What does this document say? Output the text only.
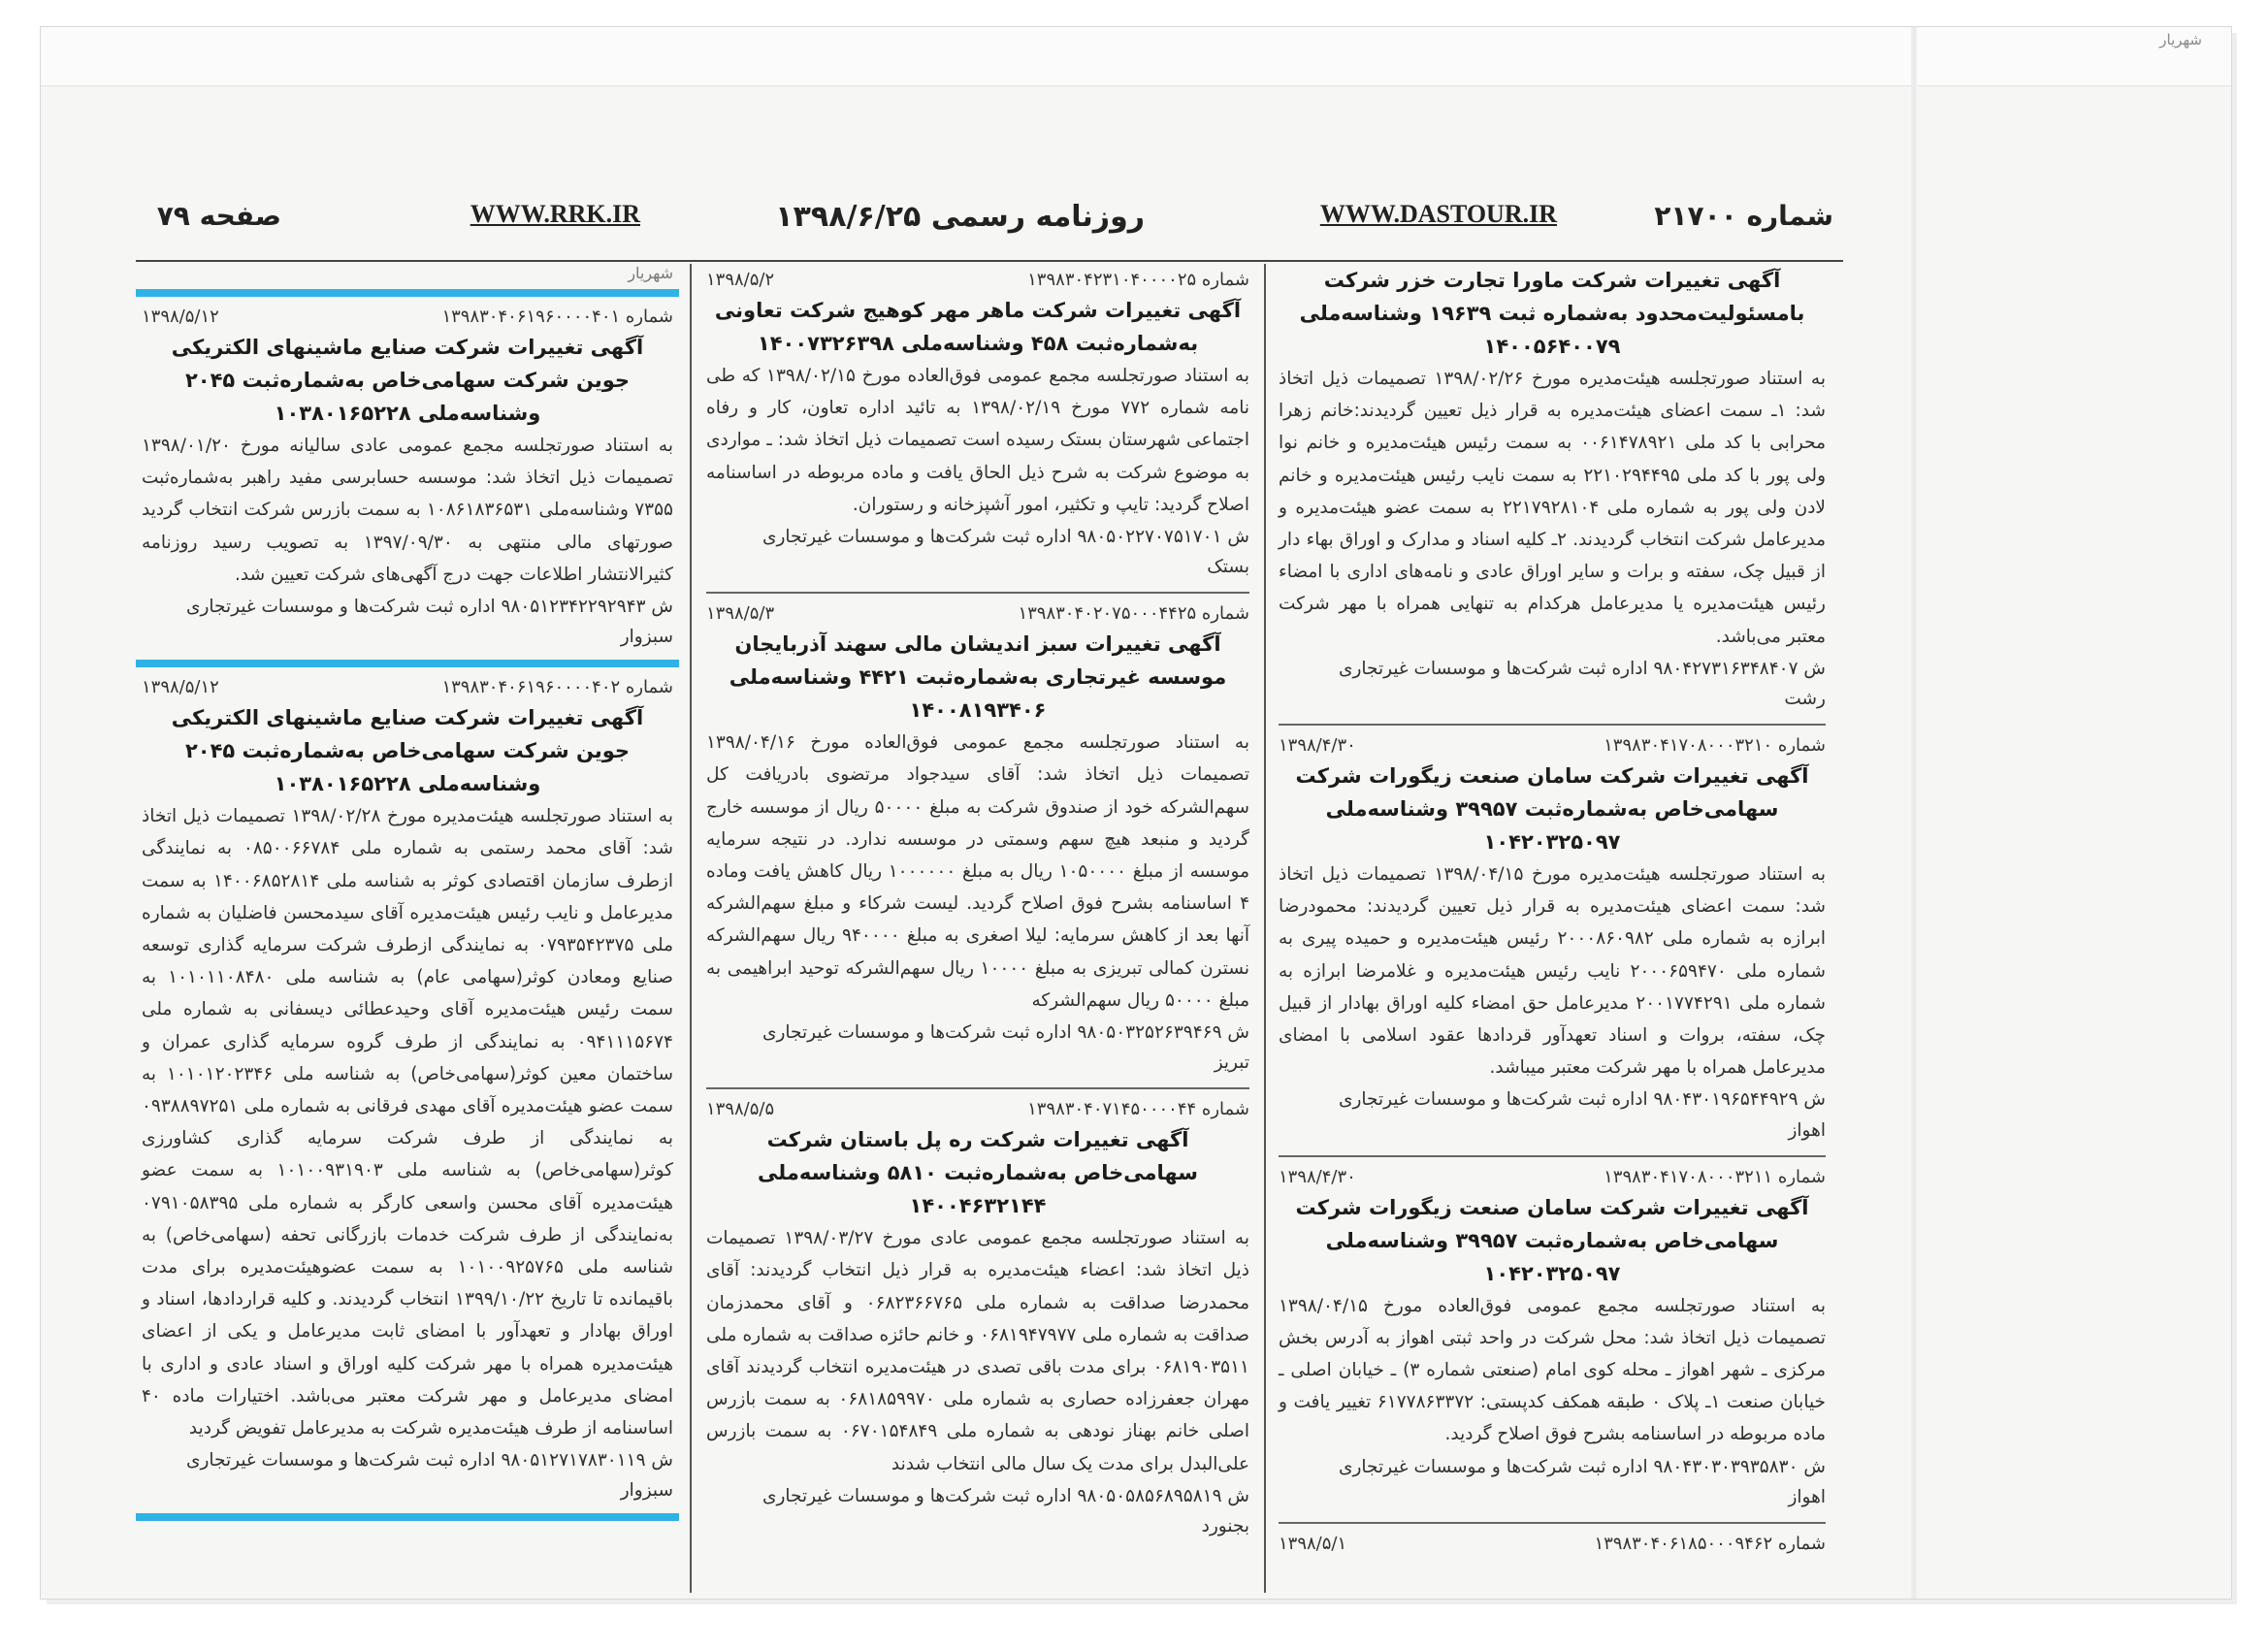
شهریار
شماره ۲۱۷۰۰
WWW.DASTOUR.IR
روزنامه رسمی ۱۳۹۸/۶/۲۵
WWW.RRK.IR
صفحه ۷۹
آگهی تغییرات شرکت ماورا تجارت خزر شرکت بامسئولیت‌محدود به‌شماره ثبت ۱۹۶۳۹ وشناسه‌ملی ۱۴۰۰۵۶۴۰۰۷۹
به استناد صورتجلسه هیئت‌مدیره مورخ ۱۳۹۸/۰۲/۲۶ تصمیمات ذیل اتخاذ شد: ۱ـ سمت اعضای هیئت‌مدیره به قرار ذیل تعیین گردیدند:خانم زهرا محرابی با کد ملی ۰۰۶۱۴۷۸۹۲۱ به سمت رئیس هیئت‌مدیره و خانم نوا ولی پور با کد ملی ۲۲۱۰۲۹۴۴۹۵ به سمت نایب رئیس هیئت‌مدیره و خانم لادن ولی پور به شماره ملی ۲۲۱۷۹۲۸۱۰۴ به سمت عضو هیئت‌مدیره و مدیرعامل شرکت انتخاب گردیدند. ۲ـ کلیه اسناد و مدارک و اوراق بهاء دار از قبیل چک، سفته و برات و سایر اوراق عادی و نامه‌های اداری با امضاء رئیس هیئت‌مدیره یا مدیرعامل هرکدام به تنهایی همراه با مهر شرکت معتبر می‌باشد.
ش ۹۸۰۴۲۷۳۱۶۳۴۸۴۰۷ اداره ثبت شرکت‌ها و موسسات غیرتجاری
رشت
شماره ۱۳۹۸۳۰۴۱۷۰۸۰۰۰۳۲۱۰
۱۳۹۸/۴/۳۰
آگهی تغییرات شرکت سامان صنعت زیگورات شرکت سهامی‌خاص به‌شماره‌ثبت ۳۹۹۵۷ وشناسه‌ملی ۱۰۴۲۰۳۲۵۰۹۷
به استناد صورتجلسه هیئت‌مدیره مورخ ۱۳۹۸/۰۴/۱۵ تصمیمات ذیل اتخاذ شد: سمت اعضای هیئت‌مدیره به قرار ذیل تعیین گردیدند: محمودرضا ابرازه به شماره ملی ۲۰۰۰۸۶۰۹۸۲ رئیس هیئت‌مدیره و حمیده پیری به شماره ملی ۲۰۰۰۶۵۹۴۷۰ نایب رئیس هیئت‌مدیره و غلامرضا ابرازه به شماره ملی ۲۰۰۱۷۷۴۲۹۱ مدیرعامل حق امضاء کلیه اوراق بهادار از قبیل چک، سفته، بروات و اسناد تعهدآور قردادها عقود اسلامی با امضای مدیرعامل همراه با مهر شرکت معتبر میباشد.
ش ۹۸۰۴۳۰۱۹۶۵۴۴۹۲۹ اداره ثبت شرکت‌ها و موسسات غیرتجاری
اهواز
شماره ۱۳۹۸۳۰۴۱۷۰۸۰۰۰۳۲۱۱
۱۳۹۸/۴/۳۰
آگهی تغییرات شرکت سامان صنعت زیگورات شرکت سهامی‌خاص به‌شماره‌ثبت ۳۹۹۵۷ وشناسه‌ملی ۱۰۴۲۰۳۲۵۰۹۷
به استناد صورتجلسه مجمع عمومی فوق‌العاده مورخ ۱۳۹۸/۰۴/۱۵ تصمیمات ذیل اتخاذ شد: محل شرکت در واحد ثبتی اهواز به آدرس بخش مرکزی ـ شهر اهواز ـ محله کوی امام (صنعتی شماره ۳) ـ خیابان اصلی ـ خیابان صنعت ۱ـ پلاک ۰ طبقه همکف کدپستی: ۶۱۷۷۸۶۳۳۷۲ تغییر یافت و ماده مربوطه در اساسنامه بشرح فوق اصلاح گردید.
ش ۹۸۰۴۳۰۳۰۳۹۳۵۸۳۰ اداره ثبت شرکت‌ها و موسسات غیرتجاری
اهواز
شماره ۱۳۹۸۳۰۴۰۶۱۸۵۰۰۰۹۴۶۲
۱۳۹۸/۵/۱
شماره ۱۳۹۸۳۰۴۲۳۱۰۴۰۰۰۰۲۵
۱۳۹۸/۵/۲
آگهی تغییرات شرکت ماهر مهر کوهیج شرکت تعاونی به‌شماره‌ثبت ۴۵۸ وشناسه‌ملی ۱۴۰۰۷۳۲۶۳۹۸
به استناد صورتجلسه مجمع عمومی فوق‌العاده مورخ ۱۳۹۸/۰۲/۱۵ که طی نامه شماره ۷۷۲ مورخ ۱۳۹۸/۰۲/۱۹ به تائید اداره تعاون، کار و رفاه اجتماعی شهرستان بستک رسیده است تصمیمات ذیل اتخاذ شد: ـ مواردی به موضوع شرکت به شرح ذیل الحاق یافت و ماده مربوطه در اساسنامه اصلاح گردید: تایپ و تکثیر، امور آشپزخانه و رستوران.
ش ۹۸۰۵۰۲۲۷۰۷۵۱۷۰۱ اداره ثبت شرکت‌ها و موسسات غیرتجاری
بستک
شماره ۱۳۹۸۳۰۴۰۲۰۷۵۰۰۰۴۴۲۵
۱۳۹۸/۵/۳
آگهی تغییرات سبز اندیشان مالی سهند آذربایجان موسسه غیرتجاری به‌شماره‌ثبت ۴۴۲۱ وشناسه‌ملی ۱۴۰۰۸۱۹۳۴۰۶
به استناد صورتجلسه مجمع عمومی فوق‌العاده مورخ ۱۳۹۸/۰۴/۱۶ تصمیمات ذیل اتخاذ شد: آقای سیدجواد مرتضوی بادریافت کل سهم‌الشرکه خود از صندوق شرکت به مبلغ ۵۰۰۰۰ ریال از موسسه خارج گردید و منبعد هیچ سهم وسمتی در موسسه ندارد. در نتیجه سرمایه موسسه از مبلغ ۱۰۵۰۰۰۰ ریال به مبلغ ۱۰۰۰۰۰۰ ریال کاهش یافت وماده ۴ اساسنامه بشرح فوق اصلاح گردید. لیست شرکاء و مبلغ سهم‌الشرکه آنها بعد از کاهش سرمایه: لیلا اصغری به مبلغ ۹۴۰۰۰۰ ریال سهم‌الشرکه نسترن کمالی تبریزی به مبلغ ۱۰۰۰۰ ریال سهم‌الشرکه توحید ابراهیمی به مبلغ ۵۰۰۰۰ ریال سهم‌الشرکه
ش ۹۸۰۵۰۳۲۵۲۶۳۹۴۶۹ اداره ثبت شرکت‌ها و موسسات غیرتجاری
تبریز
شماره ۱۳۹۸۳۰۴۰۷۱۴۵۰۰۰۰۴۴
۱۳۹۸/۵/۵
آگهی تغییرات شرکت ره پل باستان شرکت سهامی‌خاص به‌شماره‌ثبت ۵۸۱۰ وشناسه‌ملی ۱۴۰۰۴۶۳۲۱۴۴
به استناد صورتجلسه مجمع عمومی عادی مورخ ۱۳۹۸/۰۳/۲۷ تصمیمات ذیل اتخاذ شد: اعضاء هیئت‌مدیره به قرار ذیل انتخاب گردیدند: آقای محمدرضا صداقت به شماره ملی ۰۶۸۲۳۶۶۷۶۵ و آقای محمدزمان صداقت به شماره ملی ۰۶۸۱۹۴۷۹۷۷ و خانم حائزه صداقت به شماره ملی ۰۶۸۱۹۰۳۵۱۱ برای مدت باقی تصدی در هیئت‌مدیره انتخاب گردیدند آقای مهران جعفرزاده حصاری به شماره ملی ۰۶۸۱۸۵۹۹۷۰ به سمت بازرس اصلی خانم بهناز نودهی به شماره ملی ۰۶۷۰۱۵۴۸۴۹ به سمت بازرس علی‌البدل برای مدت یک سال مالی انتخاب شدند
ش ۹۸۰۵۰۵۸۵۶۸۹۵۸۱۹ اداره ثبت شرکت‌ها و موسسات غیرتجاری
بجنورد
شهریار
شماره ۱۳۹۸۳۰۴۰۶۱۹۶۰۰۰۰۴۰۱
۱۳۹۸/۵/۱۲
آگهی تغییرات شرکت صنایع ماشینهای الکتریکی جوین شرکت سهامی‌خاص به‌شماره‌ثبت ۲۰۴۵ وشناسه‌ملی ۱۰۳۸۰۱۶۵۲۲۸
به استناد صورتجلسه مجمع عمومی عادی سالیانه مورخ ۱۳۹۸/۰۱/۲۰ تصمیمات ذیل اتخاذ شد: موسسه حسابرسی مفید راهبر به‌شماره‌ثبت ۷۳۵۵ وشناسه‌ملی ۱۰۸۶۱۸۳۶۵۳۱ به سمت بازرس شرکت انتخاب گردید صورتهای مالی منتهی به ۱۳۹۷/۰۹/۳۰ به تصویب رسید روزنامه کثیرالانتشار اطلاعات جهت درج آگهی‌های شرکت تعیین شد.
ش ۹۸۰۵۱۲۳۴۲۲۹۲۹۴۳ اداره ثبت شرکت‌ها و موسسات غیرتجاری
سبزوار
شماره ۱۳۹۸۳۰۴۰۶۱۹۶۰۰۰۰۴۰۲
۱۳۹۸/۵/۱۲
آگهی تغییرات شرکت صنایع ماشینهای الکتریکی جوین شرکت سهامی‌خاص به‌شماره‌ثبت ۲۰۴۵ وشناسه‌ملی ۱۰۳۸۰۱۶۵۲۲۸
به استناد صورتجلسه هیئت‌مدیره مورخ ۱۳۹۸/۰۲/۲۸ تصمیمات ذیل اتخاذ شد: آقای محمد رستمی به شماره ملی ۰۸۵۰۰۶۶۷۸۴ به نمایندگی ازطرف سازمان اقتصادی کوثر به شناسه ملی ۱۴۰۰۶۸۵۲۸۱۴ به سمت مدیرعامل و نایب رئیس هیئت‌مدیره آقای سیدمحسن فاضلیان به شماره ملی ۰۷۹۳۵۴۲۳۷۵ به نمایندگی ازطرف شرکت سرمایه گذاری توسعه صنایع ومعادن کوثر(سهامی عام) به شناسه ملی ۱۰۱۰۱۱۰۸۴۸۰ به سمت رئیس هیئت‌مدیره آقای وحیدعطائی دیسفانی به شماره ملی ۰۹۴۱۱۱۵۶۷۴ به نمایندگی از طرف گروه سرمایه گذاری عمران و ساختمان معین کوثر(سهامی‌خاص) به شناسه ملی ۱۰۱۰۱۲۰۲۳۴۶ به سمت عضو هیئت‌مدیره آقای مهدی فرقانی به شماره ملی ۰۹۳۸۸۹۷۲۵۱ به نمایندگی از طرف شرکت سرمایه گذاری کشاورزی کوثر(سهامی‌خاص) به شناسه ملی ۱۰۱۰۰۹۳۱۹۰۳ به سمت عضو هیئت‌مدیره آقای محسن واسعی کارگر به شماره ملی ۰۷۹۱۰۵۸۳۹۵ به‌نمایندگی از طرف شرکت خدمات بازرگانی تحفه (سهامی‌خاص) به شناسه ملی ۱۰۱۰۰۹۲۵۷۶۵ به سمت عضوهیئت‌مدیره برای مدت باقیمانده تا تاریخ ۱۳۹۹/۱۰/۲۲ انتخاب گردیدند. و کلیه قراردادها، اسناد و اوراق بهادار و تعهدآور با امضای ثابت مدیرعامل و یکی از اعضای هیئت‌مدیره همراه با مهر شرکت کلیه اوراق و اسناد عادی و اداری با امضای مدیرعامل و مهر شرکت معتبر می‌باشد. اختیارات ماده ۴۰ اساسنامه از طرف هیئت‌مدیره شرکت به مدیرعامل تفویض گردید
ش ۹۸۰۵۱۲۷۱۷۸۳۰۱۱۹ اداره ثبت شرکت‌ها و موسسات غیرتجاری
سبزوار
